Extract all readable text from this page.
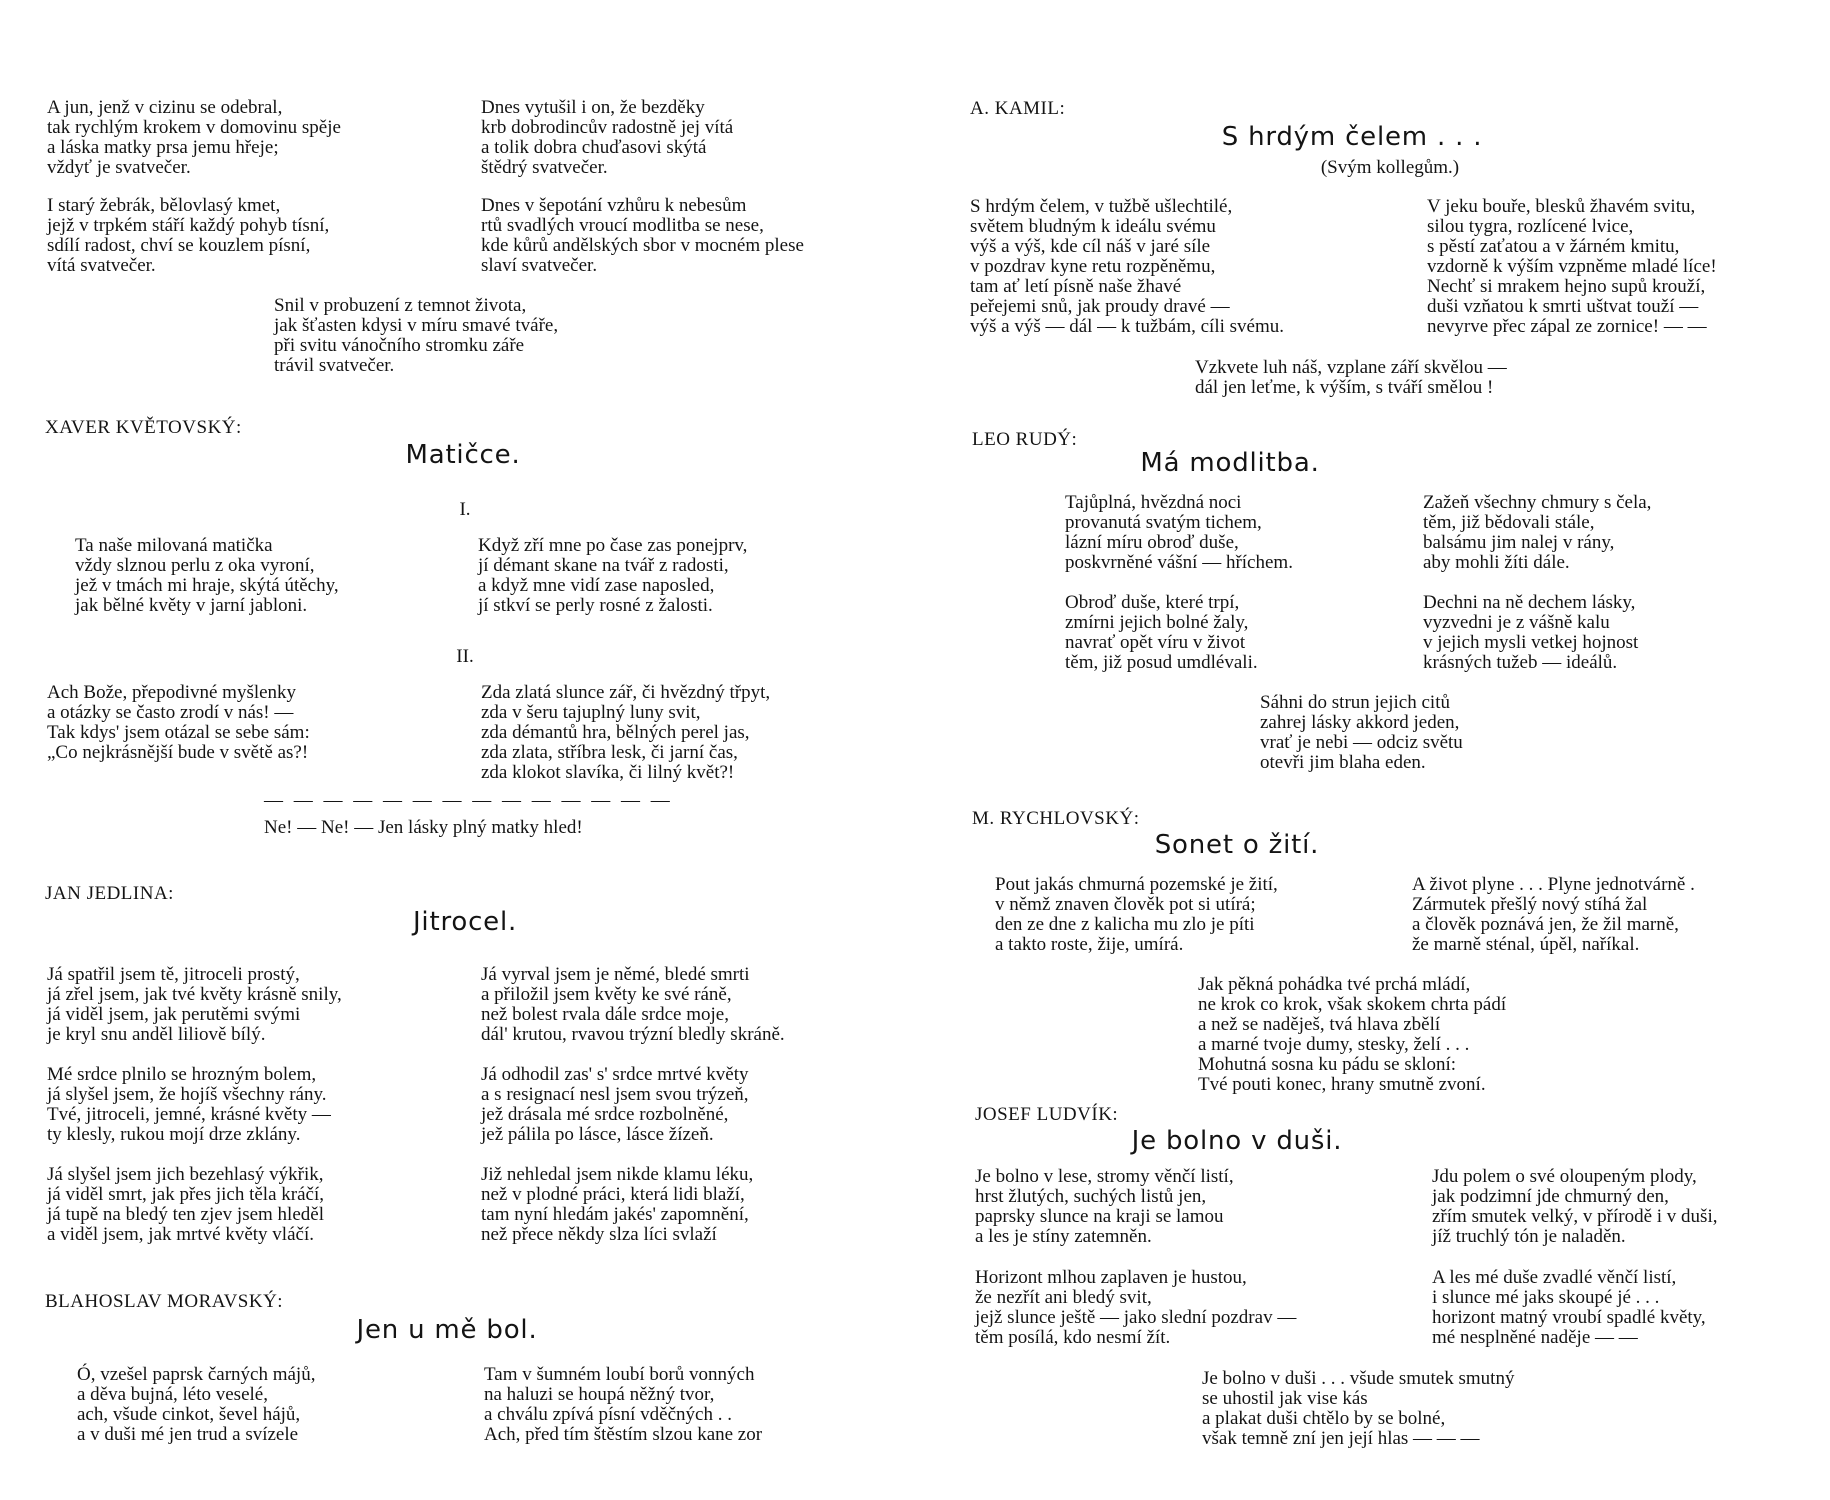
A jun, jenž v cizinu se odebral,
tak rychlým krokem v domovinu spěje
a láska matky prsa jemu hřeje;
vždyť je svatvečer.
Dnes vytušil i on, že bezděky
krb dobrodincův radostně jej vítá
a tolik dobra chuďasovi skýtá
štědrý svatvečer.
I starý žebrák, bělovlasý kmet,
jejž v trpkém stáří každý pohyb tísní,
sdílí radost, chví se kouzlem písní,
vítá svatvečer.
Dnes v šepotání vzhůru k nebesům
rtů svadlých vroucí modlitba se nese,
kde kůrů andělských sbor v mocném plese
slaví svatvečer.
Snil v probuzení z temnot života,
jak šťasten kdysi v míru smavé tváře,
při svitu vánočního stromku záře
trávil svatvečer.
XAVER KVĚTOVSKÝ:
Matičce.
I.
Ta naše milovaná matička
vždy slznou perlu z oka vyroní,
jež v tmách mi hraje, skýtá útěchy,
jak bělné květy v jarní jabloni.
Když zří mne po čase zas ponejprv,
jí démant skane na tvář z radosti,
a když mne vidí zase naposled,
jí stkví se perly rosné z žalosti.
II.
Ach Bože, přepodivné myšlenky
a otázky se často zrodí v nás! —
Tak kdys' jsem otázal se sebe sám:
„Co nejkrásnější bude v světě as?!
Zda zlatá slunce zář, či hvězdný třpyt,
zda v šeru tajuplný luny svit,
zda démantů hra, bělných perel jas,
zda zlata, stříbra lesk, či jarní čas,
zda klokot slavíka, či lilný květ?!
— — — — — — — — — — — — — —
Ne! — Ne! — Jen lásky plný matky hled!
JAN JEDLINA:
Jitrocel.
Já spatřil jsem tě, jitroceli prostý,
já zřel jsem, jak tvé květy krásně snily,
já viděl jsem, jak perutěmi svými
je kryl snu anděl liliově bílý.
Já vyrval jsem je němé, bledé smrti
a přiložil jsem květy ke své ráně,
než bolest rvala dále srdce moje,
dál' krutou, rvavou trýzní bledly skráně.
Mé srdce plnilo se hrozným bolem,
já slyšel jsem, že hojíš všechny rány.
Tvé, jitroceli, jemné, krásné květy —
ty klesly, rukou mojí drze zklány.
Já odhodil zas' s' srdce mrtvé květy
a s resignací nesl jsem svou trýzeň,
jež drásala mé srdce rozbolněné,
jež pálila po lásce, lásce žízeň.
Já slyšel jsem jich bezehlasý výkřik,
já viděl smrt, jak přes jich těla kráčí,
já tupě na bledý ten zjev jsem hleděl
a viděl jsem, jak mrtvé květy vláčí.
Již nehledal jsem nikde klamu léku,
než v plodné práci, která lidi blaží,
tam nyní hledám jakés' zapomnění,
než přece někdy slza líci svlaží
BLAHOSLAV MORAVSKÝ:
Jen u mě bol.
Ó, vzešel paprsk čarných májů,
a děva bujná, léto veselé,
ach, všude cinkot, ševel hájů,
a v duši mé jen trud a svízele
Tam v šumném loubí borů vonných
na haluzi se houpá něžný tvor,
a chválu zpívá písní vděčných . .
Ach, před tím štěstím slzou kane zor
A. KAMIL:
S hrdým čelem . . .
(Svým kollegům.)
S hrdým čelem, v tužbě ušlechtilé,
světem bludným k ideálu svému
výš a výš, kde cíl náš v jaré síle
v pozdrav kyne retu rozpěněmu,
tam ať letí písně naše žhavé
peřejemi snů, jak proudy dravé —
výš a výš — dál — k tužbám, cíli svému.
V jeku bouře, blesků žhavém svitu,
silou tygra, rozlícené lvice,
s pěstí zaťatou a v žárném kmitu,
vzdorně k výším vzpněme mladé líce!
Nechť si mrakem hejno supů krouží,
duši vzňatou k smrti uštvat touží —
nevyrve přec zápal ze zornice! — —
Vzkvete luh náš, vzplane září skvělou —
dál jen leťme, k výším, s tváří smělou !
LEO RUDÝ:
Má modlitba.
Tajůplná, hvězdná noci
provanutá svatým tichem,
lázní míru obroď duše,
poskvrněné vášní — hříchem.
Zažeň všechny chmury s čela,
těm, již bědovali stále,
balsámu jim nalej v rány,
aby mohli žíti dále.
Obroď duše, které trpí,
zmírni jejich bolné žaly,
navrať opět víru v život
těm, již posud umdlévali.
Dechni na ně dechem lásky,
vyzvedni je z vášně kalu
v jejich mysli vetkej hojnost
krásných tužeb — ideálů.
Sáhni do strun jejich citů
zahrej lásky akkord jeden,
vrať je nebi — odciz světu
otevři jim blaha eden.
M. RYCHLOVSKÝ:
Sonet o žití.
Pout jakás chmurná pozemské je žití,
v němž znaven člověk pot si utírá;
den ze dne z kalicha mu zlo je píti
a takto roste, žije, umírá.
A život plyne . . . Plyne jednotvárně .
Zármutek přešlý nový stíhá žal
a člověk poznává jen, že žil marně,
že marně sténal, úpěl, naříkal.
Jak pěkná pohádka tvé prchá mládí,
ne krok co krok, však skokem chrta pádí
a než se naděješ, tvá hlava zbělí
a marné tvoje dumy, stesky, želí . . .
Mohutná sosna ku pádu se skloní:
Tvé pouti konec, hrany smutně zvoní.
JOSEF LUDVÍK:
Je bolno v duši.
Je bolno v lese, stromy věnčí listí,
hrst žlutých, suchých listů jen,
paprsky slunce na kraji se lamou
a les je stíny zatemněn.
Jdu polem o své oloupeným plody,
jak podzimní jde chmurný den,
zřím smutek velký, v přírodě i v duši,
jíž truchlý tón je naladěn.
Horizont mlhou zaplaven je hustou,
že nezřít ani bledý svit,
jejž slunce ještě — jako slední pozdrav —
těm posílá, kdo nesmí žít.
A les mé duše zvadlé věnčí listí,
i slunce mé jaks skoupé jé . . .
horizont matný vroubí spadlé květy,
mé nesplněné naděje — —
Je bolno v duši . . . všude smutek smutný
se uhostil jak vise kás
a plakat duši chtělo by se bolné,
však temně zní jen její hlas — — —
